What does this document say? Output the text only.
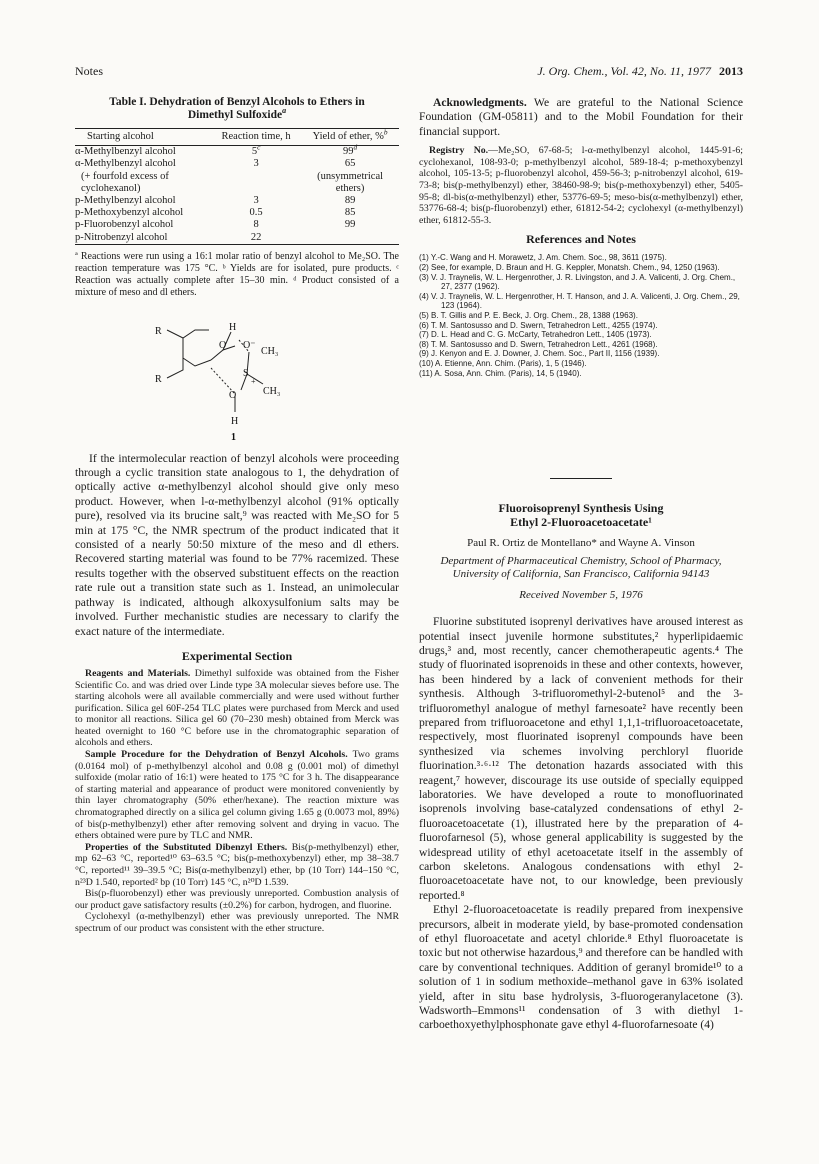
Notes	J. Org. Chem., Vol. 42, No. 11, 1977 2013
Table I. Dehydration of Benzyl Alcohols to Ethers in
Dimethyl Sulfoxide$^a$
Starting alcohol	Reaction time, h	Yield of ether, %$^b$
α-Methylbenzyl alcohol	5$^c$	99$^d$
α-Methylbenzyl alcohol	3	65
(+ fourfold excess of		(unsymmetrical
cyclohexanol)		ethers)
p-Methylbenzyl alcohol	3	89
p-Methoxybenzyl alcohol	0.5	85
p-Fluorobenzyl alcohol	8	99
p-Nitrobenzyl alcohol	22	
ª Reactions were run using a 16:1 molar ratio of benzyl alcohol to Me₂SO. The reaction temperature was 175 °C. ᵇ Yields are for isolated, pure products. ᶜ Reaction was actually complete after 15–30 min. ᵈ Product consisted of a mixture of meso and dl ethers.
R
R
H
O O⁻
CH₃
S
+
CH₃
O
H
1

If the intermolecular reaction of benzyl alcohols were proceeding through a cyclic transition state analogous to 1, the dehydration of optically active α-methylbenzyl alcohol should give only meso product. However, when l-α-methylbenzyl alcohol (91% optically pure), resolved via its brucine salt,⁹ was reacted with Me₂SO for 5 min at 175 °C, the NMR spectrum of the product indicated that it consisted of a nearly 50:50 mixture of the meso and dl ethers. Recovered starting material was found to be 77% racemized. These results together with the observed substituent effects on the reaction rate rule out a transition state such as 1. Instead, an unimolecular pathway is indicated, although alkoxysulfonium salts may be involved. Further mechanistic studies are necessary to clarify the exact nature of the intermediate.

Experimental Section

Reagents and Materials. Dimethyl sulfoxide was obtained from the Fisher Scientific Co. and was dried over Linde type 3A molecular sieves before use. The starting alcohols were all available commercially and were used without further purification. Silica gel 60F-254 TLC plates were purchased from Merck and used to monitor all reactions. Silica gel 60 (70–230 mesh) obtained from Merck was heated overnight to 160 °C before use in the chromatographic separation of alcohols and ethers.

Sample Procedure for the Dehydration of Benzyl Alcohols. Two grams (0.0164 mol) of p-methylbenzyl alcohol and 0.08 g (0.001 mol) of dimethyl sulfoxide (molar ratio of 16:1) were heated to 175 °C for 3 h. The disappearance of starting material and appearance of product were monitored conveniently by thin layer chromatography (50% ether/hexane). The reaction mixture was chromatographed directly on a silica gel column giving 1.65 g (0.0073 mol, 89%) of bis(p-methylbenzyl) ether after removing solvent and drying in vacuo. The ethers obtained were pure by TLC and NMR.

Properties of the Substituted Dibenzyl Ethers. Bis(p-methylbenzyl) ether, mp 62–63 °C, reported¹⁰ 63–63.5 °C; bis(p-methoxybenzyl) ether, mp 38–38.7 °C, reported¹¹ 39–39.5 °C; Bis(α-methylbenzyl) ether, bp (10 Torr) 144–150 °C, n²³D 1.540, reported² bp (10 Torr) 145 °C, n²⁰D 1.539.

Bis(p-fluorobenzyl) ether was previously unreported. Combustion analysis of our product gave satisfactory results (±0.2%) for carbon, hydrogen, and fluorine.

Cyclohexyl (α-methylbenzyl) ether was previously unreported. The NMR spectrum of our product was consistent with the ether structure.

Acknowledgments. We are grateful to the National Science Foundation (GM-05811) and to the Mobil Foundation for their financial support.

Registry No.—Me₂SO, 67-68-5; l-α-methylbenzyl alcohol, 1445-91-6; cyclohexanol, 108-93-0; p-methylbenzyl alcohol, 589-18-4; p-methoxybenzyl alcohol, 105-13-5; p-fluorobenzyl alcohol, 459-56-3; p-nitrobenzyl alcohol, 619-73-8; bis(p-methylbenzyl) ether, 38460-98-9; bis(p-methoxybenzyl) ether, 5405-95-8; dl-bis(α-methylbenzyl) ether, 53776-69-5; meso-bis(α-methylbenzyl) ether, 53776-68-4; bis(p-fluorobenzyl) ether, 61812-54-2; cyclohexyl (α-methylbenzyl) ether, 61812-55-3.

References and Notes

(1) Y.-C. Wang and H. Morawetz, J. Am. Chem. Soc., 98, 3611 (1975).

(2) See, for example, D. Braun and H. G. Keppler, Monatsh. Chem., 94, 1250 (1963).

(3) V. J. Traynelis, W. L. Hergenrother, J. R. Livingston, and J. A. Valicenti, J. Org. Chem., 27, 2377 (1962).

(4) V. J. Traynelis, W. L. Hergenrother, H. T. Hanson, and J. A. Valicenti, J. Org. Chem., 29, 123 (1964).

(5) B. T. Gillis and P. E. Beck, J. Org. Chem., 28, 1388 (1963).

(6) T. M. Santosusso and D. Swern, Tetrahedron Lett., 4255 (1974).

(7) D. L. Head and C. G. McCarty, Tetrahedron Lett., 1405 (1973).

(8) T. M. Santosusso and D. Swern, Tetrahedron Lett., 4261 (1968).

(9) J. Kenyon and E. J. Downer, J. Chem. Soc., Part II, 1156 (1939).

(10) A. Etienne, Ann. Chim. (Paris), 1, 5 (1946).

(11) A. Sosa, Ann. Chim. (Paris), 14, 5 (1940).

Fluoroisoprenyl Synthesis Using
Ethyl 2-Fluoroacetoacetate¹
Paul R. Ortiz de Montellano* and Wayne A. Vinson
Department of Pharmaceutical Chemistry, School of Pharmacy,
University of California, San Francisco, California 94143
Received November 5, 1976

Fluorine substituted isoprenyl derivatives have aroused interest as potential insect juvenile hormone substitutes,² hyperlipidaemic drugs,³ and, most recently, cancer chemotherapeutic agents.⁴ The study of fluorinated isoprenoids in these and other contexts, however, has been hindered by a lack of convenient methods for their synthesis. Although 3-trifluoromethyl-2-butenol⁵ and the 3-trifluoromethyl analogue of methyl farnesoate² have recently been prepared from trifluoroacetone and ethyl 1,1,1-trifluoroacetoacetate, respectively, most fluorinated isoprenyl compounds have been synthesized via schemes involving perchloryl fluoride fluorination.³·⁶·¹² The detonation hazards associated with this reagent,⁷ however, discourage its use outside of specially equipped laboratories. We have developed a route to monofluorinated isoprenols involving base-catalyzed condensations of ethyl 2-fluoroacetoacetate (1), illustrated here by the preparation of 4-fluorofarnesol (5), whose general applicability is suggested by the widespread utility of ethyl acetoacetate itself in the assembly of carbon skeletons. Analogous condensations with ethyl 2-fluoroacetoacetate have not, to our knowledge, been previously reported.⁸

Ethyl 2-fluoroacetoacetate is readily prepared from inexpensive precursors, albeit in moderate yield, by base-promoted condensation of ethyl fluoroacetate and acetyl chloride.⁸ Ethyl fluoroacetate is toxic but not otherwise hazardous,⁹ and therefore can be handled with care by conventional techniques. Addition of geranyl bromide¹⁰ to a solution of 1 in sodium methoxide–methanol gave in 63% isolated yield, after in situ base hydrolysis, 3-fluorogeranylacetone (3). Wadsworth–Emmons¹¹ condensation of 3 with diethyl 1-carboethoxyethylphosphonate gave ethyl 4-fluorofarnesoate (4)
